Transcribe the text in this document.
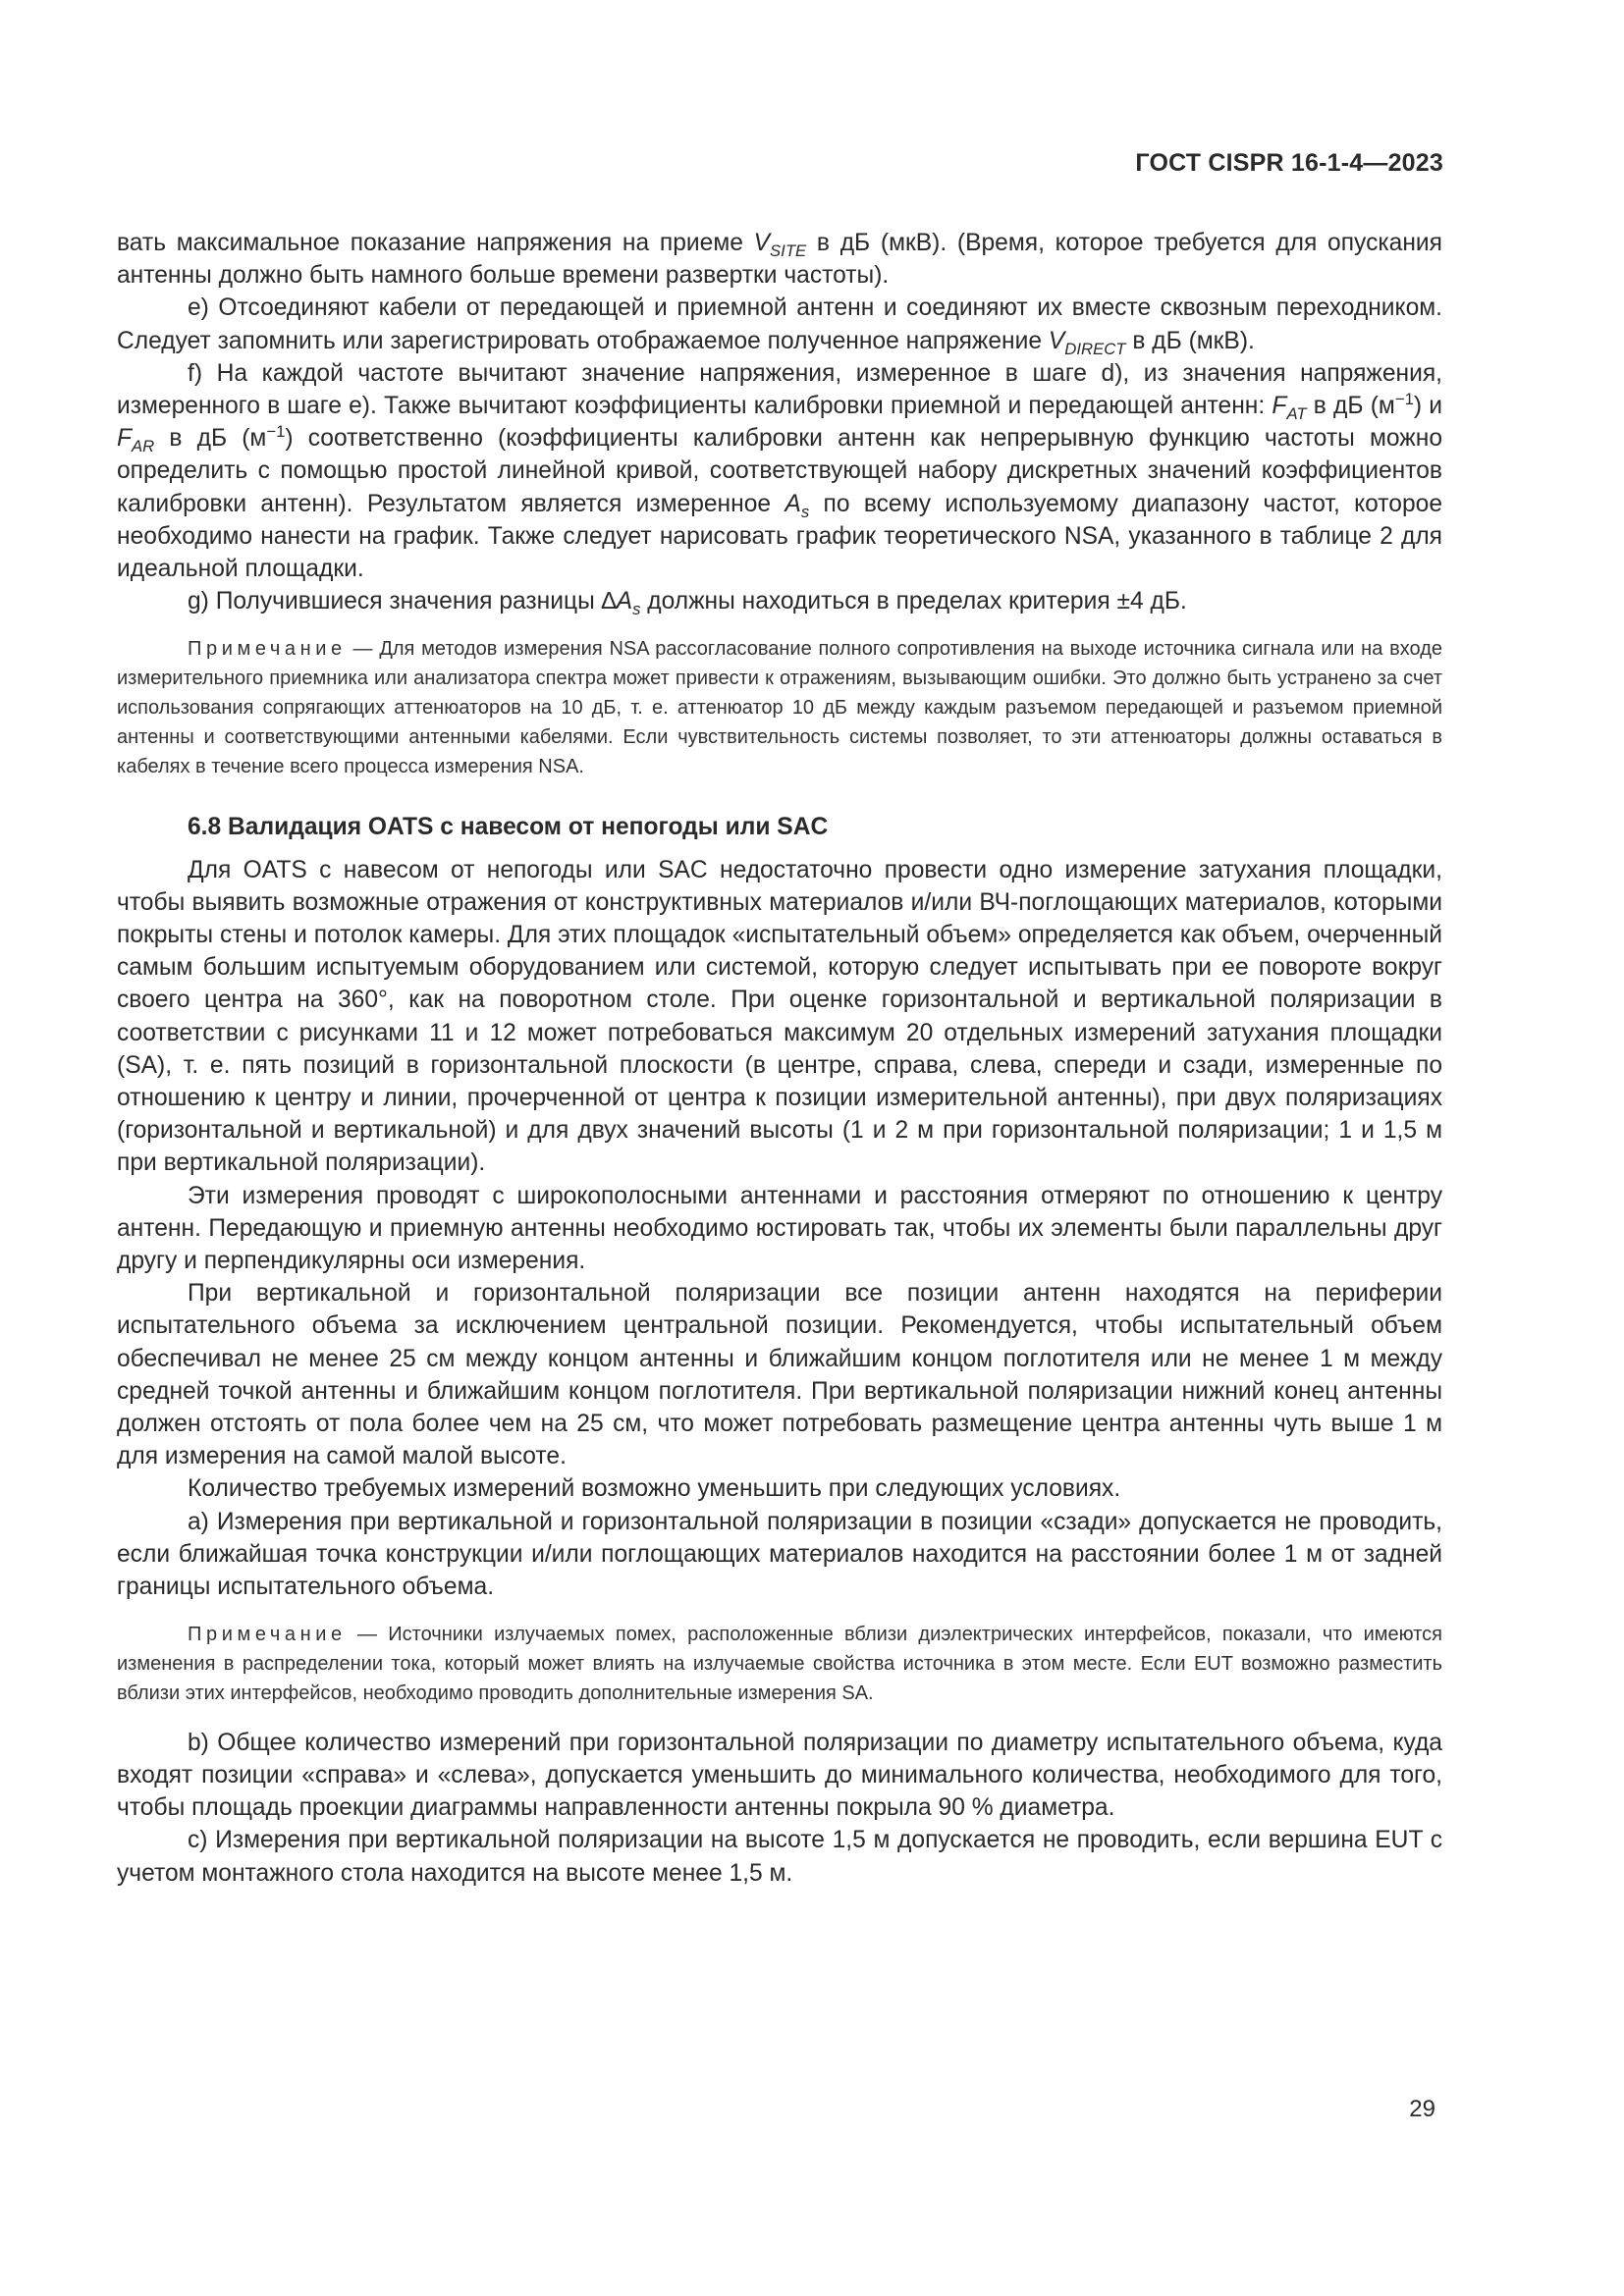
ГОСТ CISPR 16-1-4—2023

вать максимальное показание напряжения на приеме $V_{SITE}$ в дБ (мкВ). (Время, которое требуется для опускания антенны должно быть намного больше времени развертки частоты).

e) Отсоединяют кабели от передающей и приемной антенн и соединяют их вместе сквозным переходником. Следует запомнить или зарегистрировать отображаемое полученное напряжение $V_{DIRECT}$ в дБ (мкВ).

f) На каждой частоте вычитают значение напряжения, измеренное в шаге d), из значения напряжения, измеренного в шаге e). Также вычитают коэффициенты калибровки приемной и передающей антенн: $F_{AT}$ в дБ $(м^{-1})$ и $F_{AR}$ в дБ $(м^{-1})$ соответственно (коэффициенты калибровки антенн как непрерывную функцию частоты можно определить с помощью простой линейной кривой, соответствующей набору дискретных значений коэффициентов калибровки антенн). Результатом является измеренное $A_s$ по всему используемому диапазону частот, которое необходимо нанести на график. Также следует нарисовать график теоретического NSA, указанного в таблице 2 для идеальной площадки.

g) Получившиеся значения разницы $\Delta A_s$ должны находиться в пределах критерия ±4 дБ.

Примечание — Для методов измерения NSA рассогласование полного сопротивления на выходе источника сигнала или на входе измерительного приемника или анализатора спектра может привести к отражениям, вызывающим ошибки. Это должно быть устранено за счет использования сопрягающих аттенюаторов на 10 дБ, т. е. аттенюатор 10 дБ между каждым разъемом передающей и разъемом приемной антенны и соответствующими антенными кабелями. Если чувствительность системы позволяет, то эти аттенюаторы должны оставаться в кабелях в течение всего процесса измерения NSA.

6.8 Валидация OATS с навесом от непогоды или SAC

Для OATS с навесом от непогоды или SAC недостаточно провести одно измерение затухания площадки, чтобы выявить возможные отражения от конструктивных материалов и/или ВЧ-поглощающих материалов, которыми покрыты стены и потолок камеры. Для этих площадок «испытательный объем» определяется как объем, очерченный самым большим испытуемым оборудованием или системой, которую следует испытывать при ее повороте вокруг своего центра на 360°, как на поворотном столе. При оценке горизонтальной и вертикальной поляризации в соответствии с рисунками 11 и 12 может потребоваться максимум 20 отдельных измерений затухания площадки (SA), т. е. пять позиций в горизонтальной плоскости (в центре, справа, слева, спереди и сзади, измеренные по отношению к центру и линии, прочерченной от центра к позиции измерительной антенны), при двух поляризациях (горизонтальной и вертикальной) и для двух значений высоты (1 и 2 м при горизонтальной поляризации; 1 и 1,5 м при вертикальной поляризации).

Эти измерения проводят с широкополосными антеннами и расстояния отмеряют по отношению к центру антенн. Передающую и приемную антенны необходимо юстировать так, чтобы их элементы были параллельны друг другу и перпендикулярны оси измерения.

При вертикальной и горизонтальной поляризации все позиции антенн находятся на периферии испытательного объема за исключением центральной позиции. Рекомендуется, чтобы испытательный объем обеспечивал не менее 25 см между концом антенны и ближайшим концом поглотителя или не менее 1 м между средней точкой антенны и ближайшим концом поглотителя. При вертикальной поляризации нижний конец антенны должен отстоять от пола более чем на 25 см, что может потребовать размещение центра антенны чуть выше 1 м для измерения на самой малой высоте.

Количество требуемых измерений возможно уменьшить при следующих условиях.

a) Измерения при вертикальной и горизонтальной поляризации в позиции «сзади» допускается не проводить, если ближайшая точка конструкции и/или поглощающих материалов находится на расстоянии более 1 м от задней границы испытательного объема.

Примечание — Источники излучаемых помех, расположенные вблизи диэлектрических интерфейсов, показали, что имеются изменения в распределении тока, который может влиять на излучаемые свойства источника в этом месте. Если EUT возможно разместить вблизи этих интерфейсов, необходимо проводить дополнительные измерения SA.

b) Общее количество измерений при горизонтальной поляризации по диаметру испытательного объема, куда входят позиции «справа» и «слева», допускается уменьшить до минимального количества, необходимого для того, чтобы площадь проекции диаграммы направленности антенны покрыла 90 % диаметра.

c) Измерения при вертикальной поляризации на высоте 1,5 м допускается не проводить, если вершина EUT с учетом монтажного стола находится на высоте менее 1,5 м.

29
